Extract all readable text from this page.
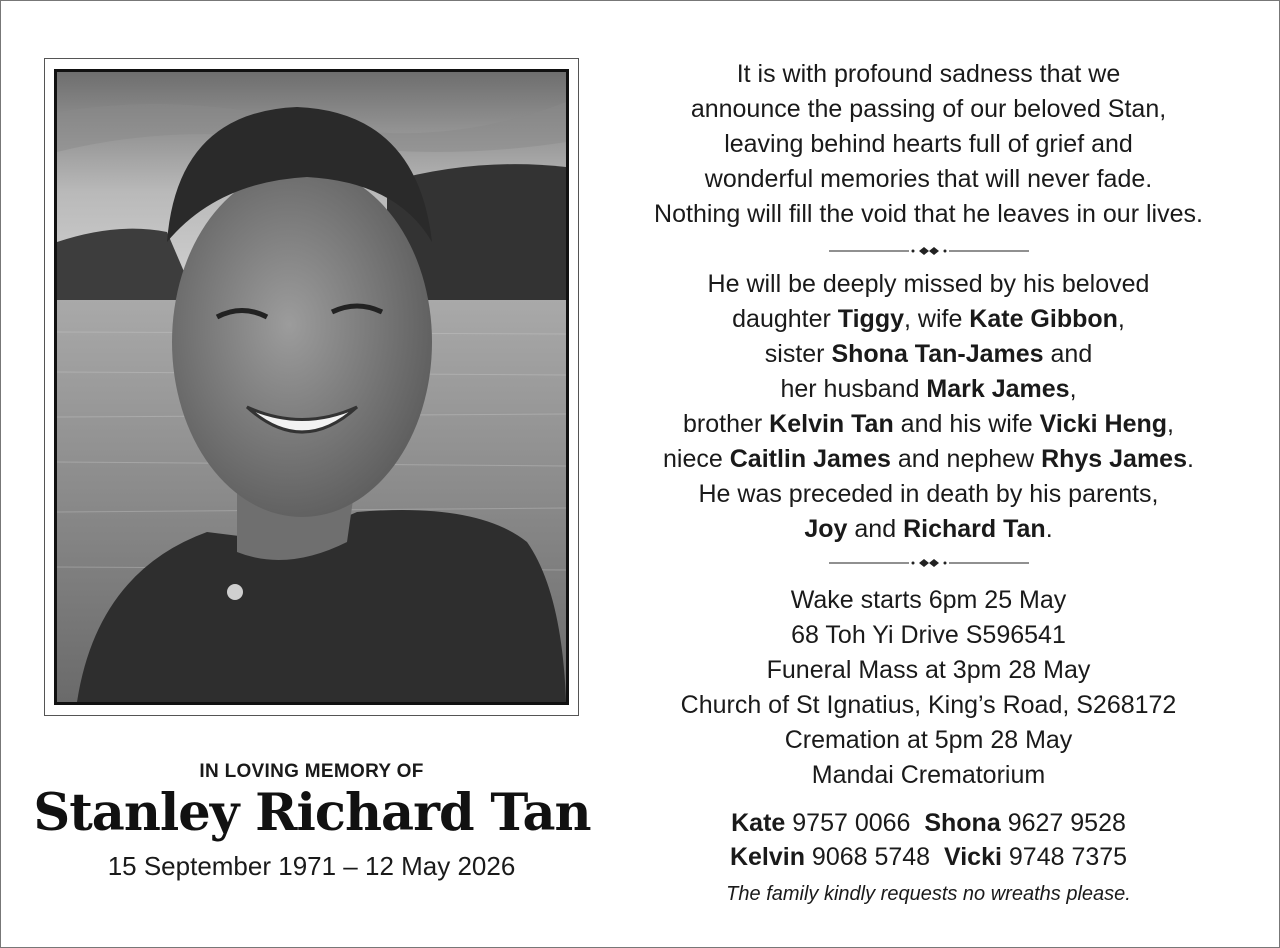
IN LOVING MEMORY OF
Stanley Richard Tan
15 September 1971 – 12 May 2026
It is with profound sadness that we
announce the passing of our beloved Stan,
leaving behind hearts full of grief and
wonderful memories that will never fade.
Nothing will fill the void that he leaves in our lives.
He will be deeply missed by his beloved
daughter Tiggy, wife Kate Gibbon,
sister Shona Tan-James and
her husband Mark James,
brother Kelvin Tan and his wife Vicki Heng,
niece Caitlin James and nephew Rhys James.
He was preceded in death by his parents,
Joy and Richard Tan.
Wake starts 6pm 25 May
68 Toh Yi Drive S596541
Funeral Mass at 3pm 28 May
Church of St Ignatius, King’s Road, S268172
Cremation at 5pm 28 May
Mandai Crematorium
Kate 9757 0066 Shona 9627 9528
Kelvin 9068 5748 Vicki 9748 7375
The family kindly requests no wreaths please.
